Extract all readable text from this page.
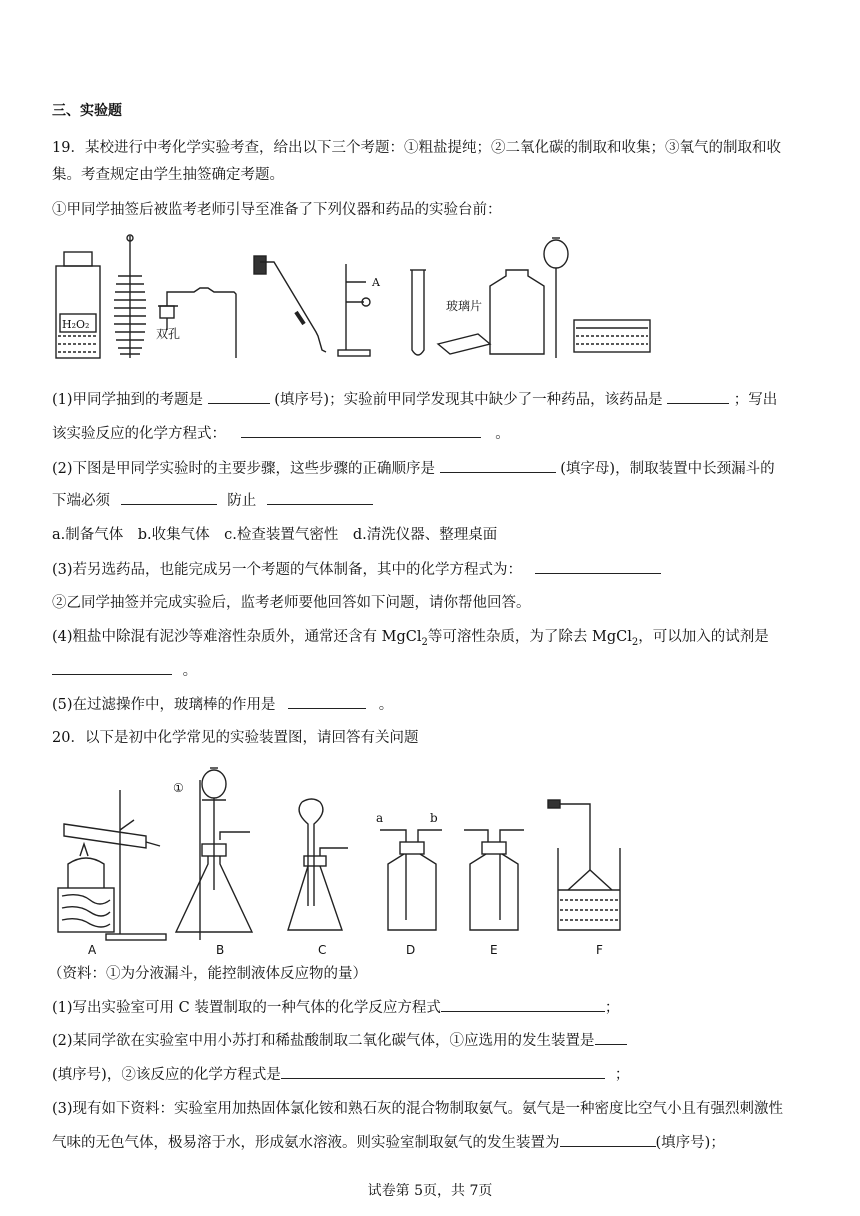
三、实验题
19．某校进行中考化学实验考查，给出以下三个考题：①粗盐提纯；②二氧化碳的制取和收集；③氧气的制取和收
集。考查规定由学生抽签确定考题。
①甲同学抽签后被监考老师引导至准备了下列仪器和药品的实验台前：
H₂O₂
双孔
A
玻璃片
(1)甲同学抽到的考题是	(填序号)；实验前甲同学发现其中缺少了一种药品，该药品是	；写出
该实验反应的化学方程式：	。
(2)下图是甲同学实验时的主要步骤，这些步骤的正确顺序是	(填字母)，制取装置中长颈漏斗的
下端必须	防止
a.制备气体　b.收集气体　c.检查装置气密性　d.清洗仪器、整理桌面
(3)若另选药品，也能完成另一个考题的气体制备，其中的化学方程式为：
②乙同学抽签并完成实验后，监考老师要他回答如下问题，请你帮他回答。
(4)粗盐中除混有泥沙等难溶性杂质外，通常还含有 MgCl$_2$等可溶性杂质，为了除去 MgCl$_2$，可以加入的试剂是
。
(5)在过滤操作中，玻璃棒的作用是	。
20．以下是初中化学常见的实验装置图，请回答有关问题
A
①
B	C
a	b
D	E	F
（资料：①为分液漏斗，能控制液体反应物的量）
(1)写出实验室可用 C 装置制取的一种气体的化学反应方程式	；
(2)某同学欲在实验室中用小苏打和稀盐酸制取二氧化碳气体，①应选用的发生装置是
(填序号)，②该反应的化学方程式是	；
(3)现有如下资料：实验室用加热固体氯化铵和熟石灰的混合物制取氨气。氨气是一种密度比空气小且有强烈刺激性
气味的无色气体，极易溶于水，形成氨水溶液。则实验室制取氨气的发生装置为	(填序号)；
试卷第 5页，共 7页
